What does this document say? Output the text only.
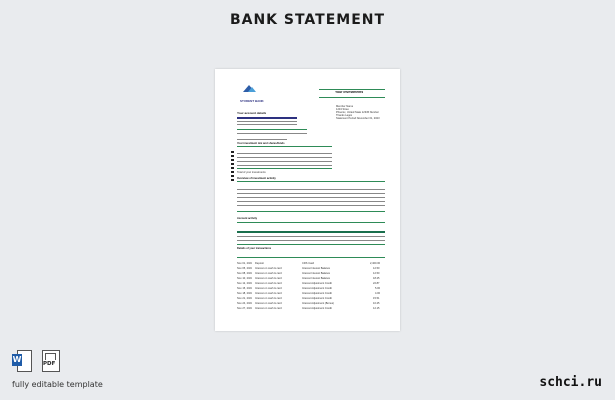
BANK STATEMENT
STUDENT BANK
Your investments
Member Name
1234 Street
Phoenix, United State 12345 Number
Thanks Lagos
Statement Period November 01, 2023
Your account details
Your investment mix and shares/funds
Total of your investments
Overview of investment activity
Account activity
Details of your transactions
Nov 01, 2023 Deposit	CRS Cash	2,400.00
Nov 05, 2023 Interest on cash & card	Interest Interest Balance	12.50
Nov 08, 2023 Interest on cash & card	Interest Interest Balance	12.50
Nov 10, 2023 Interest on cash & card	Interest Interest Balance	18.25
Nov 12, 2023 Interest on cash & card	Interest Adjustment Credit	22.87
Nov 15, 2023 Interest on cash & card	Interest Adjustment Credit	5.00
Nov 18, 2023 Interest on cash & card	Interest Adjustment Credit	4.00
Nov 21, 2023 Interest on cash & card	Interest Adjustment Credit	15.51
Nov 24, 2023 Interest on cash & card	Interest Adjustment (Bonus)	10.25
Nov 27, 2023 Interest on cash & card	Interest Adjustment Credit	12.15
W	PDF
fully editable template	schci.ru
